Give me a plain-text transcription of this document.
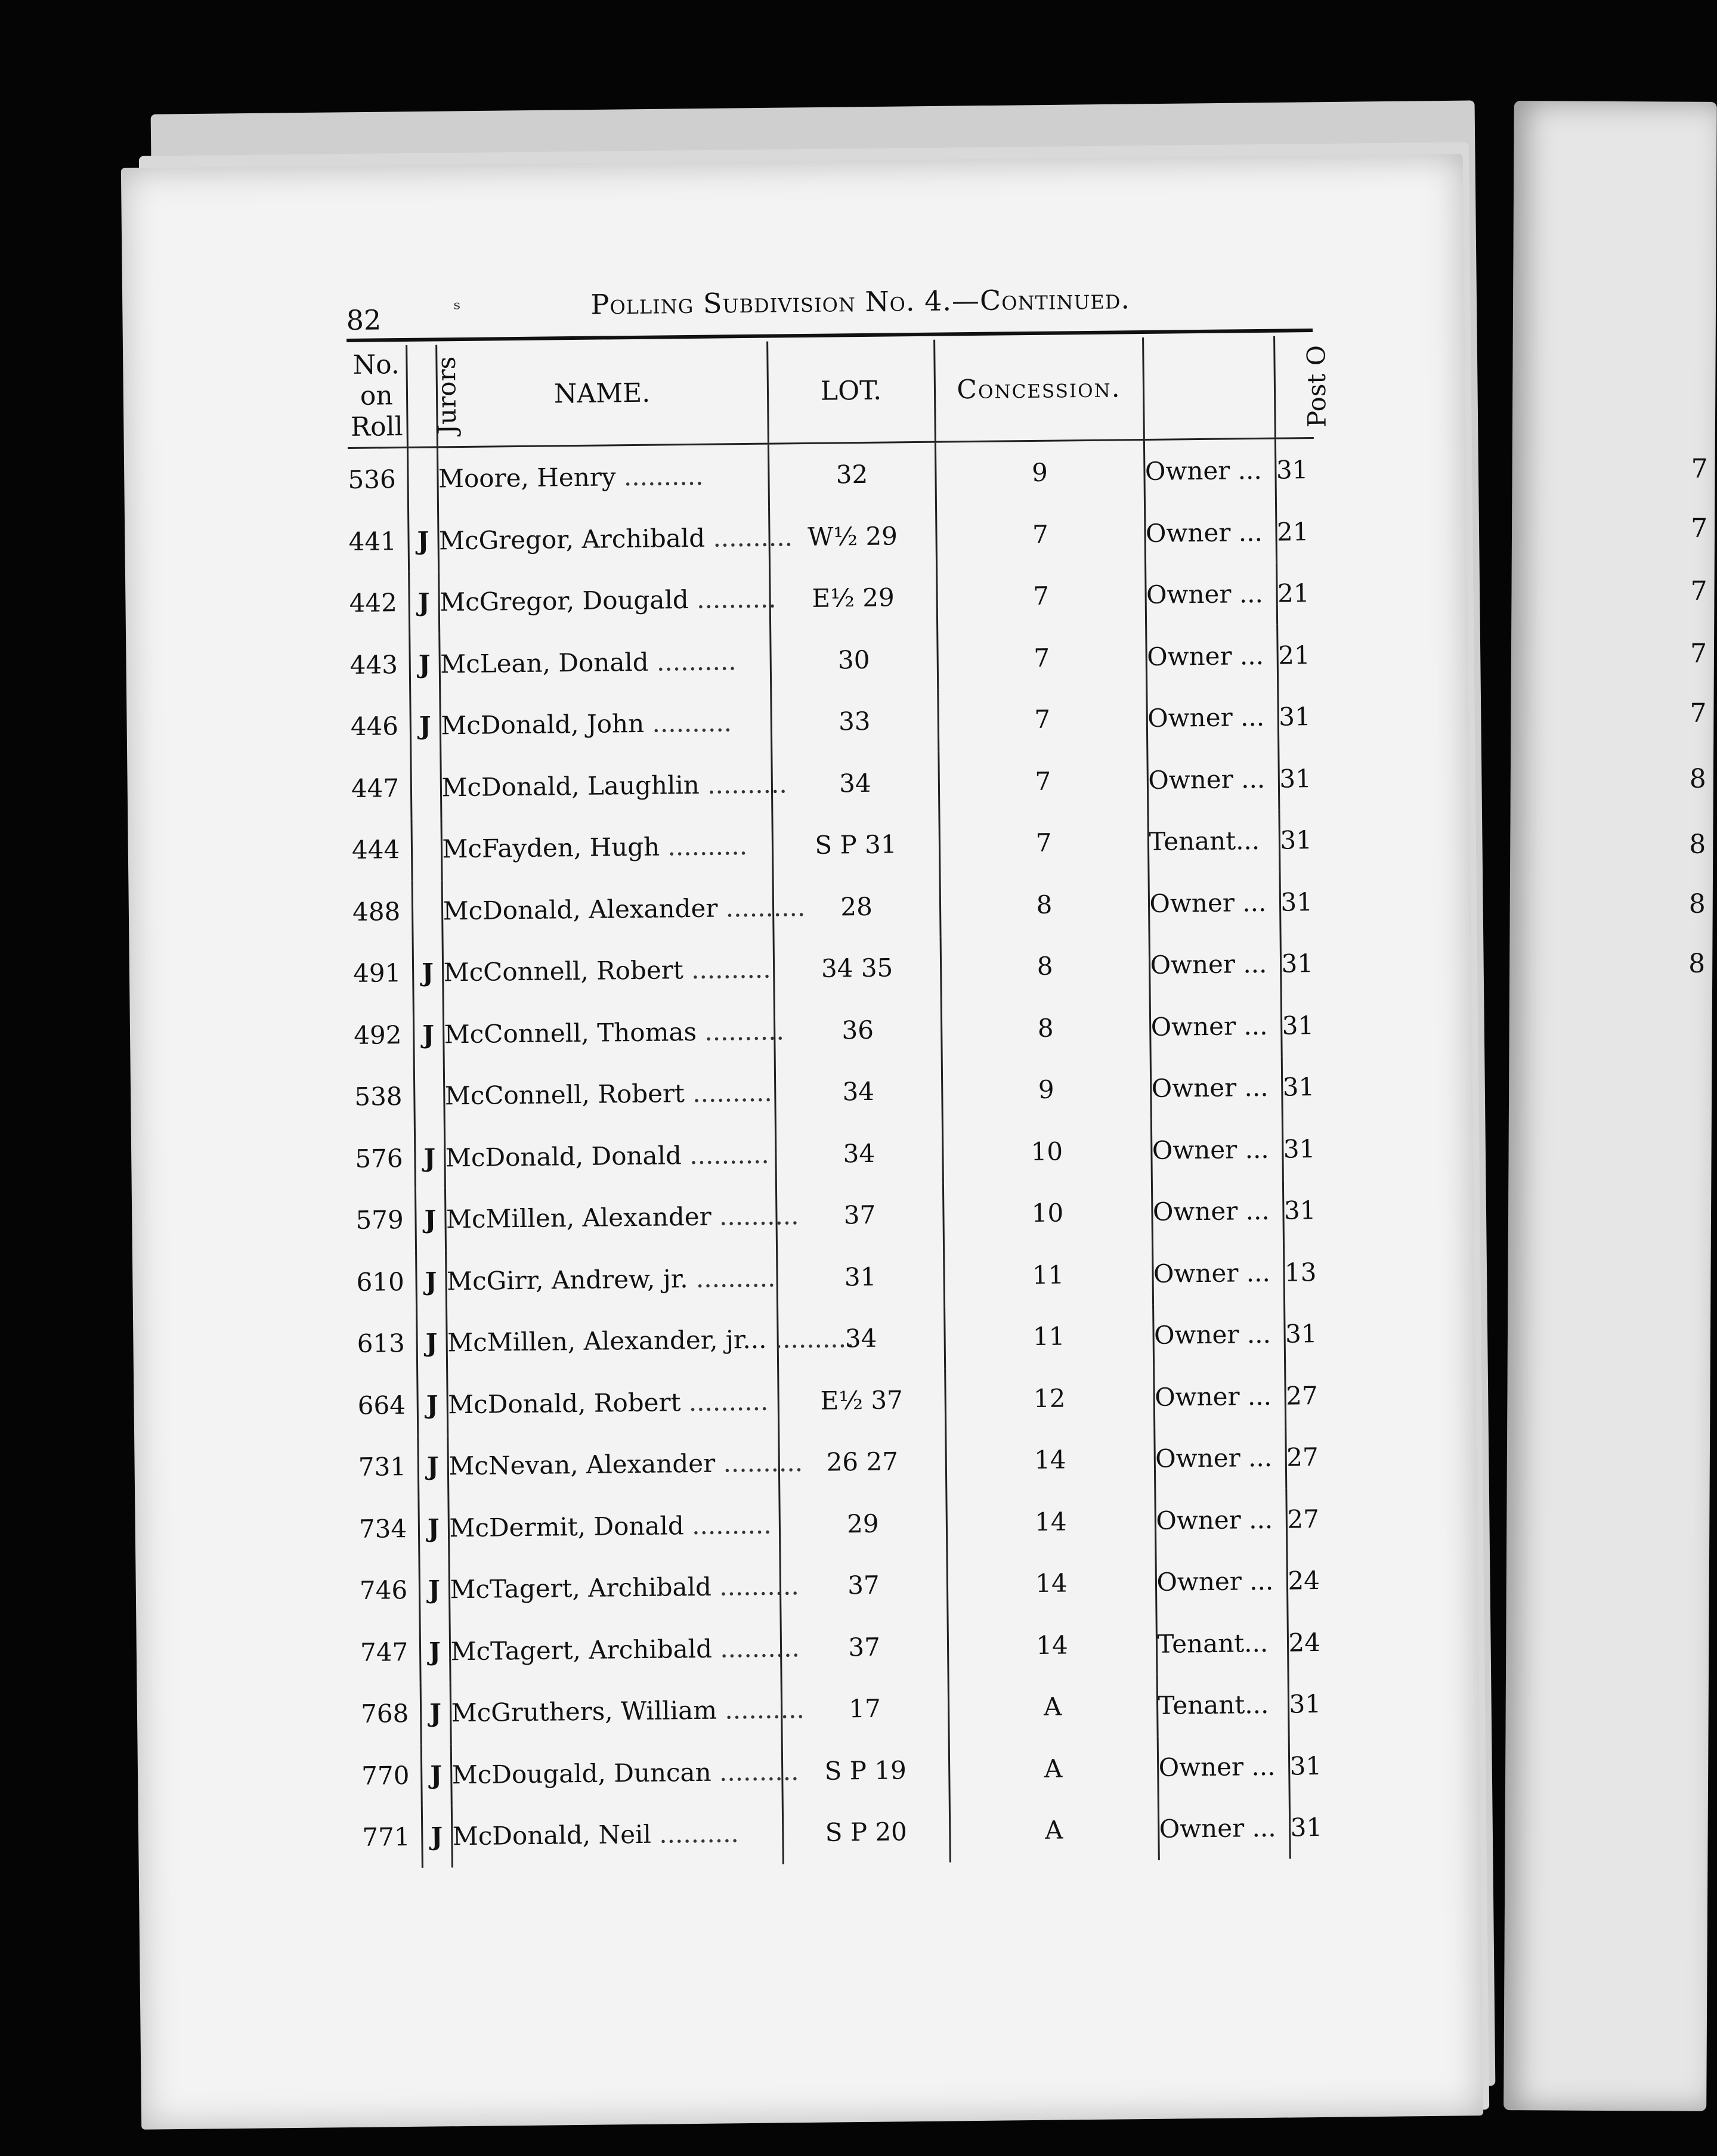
7
7
7
7
7
8
8
8
8
82	ˢ	Polling Subdivision No. 4.—Continued.
No. on Roll	Jurors	NAME.	LOT.	Concession.		Post O
536		Moore, Henry ..........	32	9	Owner ...	31
441	J	McGregor, Archibald ..........	W½ 29	7	Owner ...	21
442	J	McGregor, Dougald ..........	E½ 29	7	Owner ...	21
443	J	McLean, Donald ..........	30	7	Owner ...	21
446	J	McDonald, John ..........	33	7	Owner ...	31
447		McDonald, Laughlin ..........	34	7	Owner ...	31
444		McFayden, Hugh ..........	S P 31	7	Tenant...	31
488		McDonald, Alexander ..........	28	8	Owner ...	31
491	J	McConnell, Robert ..........	34 35	8	Owner ...	31
492	J	McConnell, Thomas ..........	36	8	Owner ...	31
538		McConnell, Robert ..........	34	9	Owner ...	31
576	J	McDonald, Donald ..........	34	10	Owner ...	31
579	J	McMillen, Alexander ..........	37	10	Owner ...	31
610	J	McGirr, Andrew, jr. ..........	31	11	Owner ...	13
613	J	McMillen, Alexander, jr... ..........	34	11	Owner ...	31
664	J	McDonald, Robert ..........	E½ 37	12	Owner ...	27
731	J	McNevan, Alexander ..........	26 27	14	Owner ...	27
734	J	McDermit, Donald ..........	29	14	Owner ...	27
746	J	McTagert, Archibald ..........	37	14	Owner ...	24
747	J	McTagert, Archibald ..........	37	14	Tenant...	24
768	J	McGruthers, William ..........	17	A	Tenant...	31
770	J	McDougald, Duncan ..........	S P 19	A	Owner ...	31
771	J	McDonald, Neil ..........	S P 20	A	Owner ...	31
